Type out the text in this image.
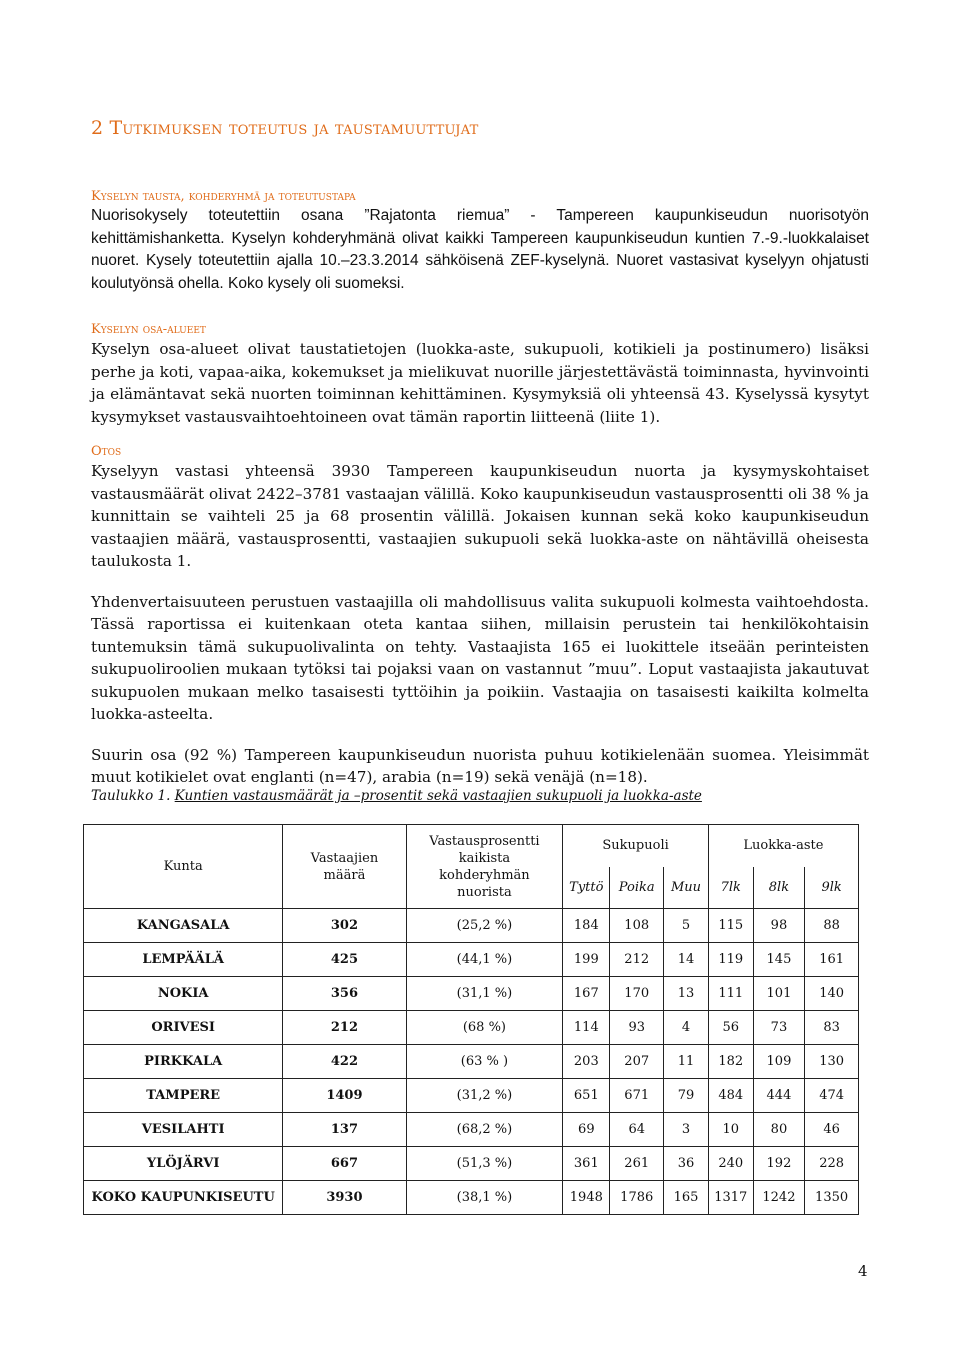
2 Tutkimuksen toteutus ja taustamuuttujat
Kyselyn tausta, kohderyhmä ja toteutustapa

Nuorisokysely toteutettiin osana ”Rajatonta riemua” - Tampereen kaupunkiseudun nuorisotyön kehittämishanketta. Kyselyn kohderyhmänä olivat kaikki Tampereen kaupunkiseudun kuntien 7.-9.-luokkalaiset nuoret. Kysely toteutettiin ajalla 10.–23.3.2014 sähköisenä ZEF-kyselynä. Nuoret vastasivat kyselyyn ohjatusti koulutyönsä ohella. Koko kysely oli suomeksi.

Kyselyn osa-alueet

Kyselyn osa-alueet olivat taustatietojen (luokka-aste, sukupuoli, kotikieli ja postinumero) lisäksi perhe ja koti, vapaa-aika, kokemukset ja mielikuvat nuorille järjestettävästä toiminnasta, hyvinvointi ja elämäntavat sekä nuorten toiminnan kehittäminen. Kysymyksiä oli yhteensä 43. Kyselyssä kysytyt kysymykset vastausvaihtoehtoineen ovat tämän raportin liitteenä (liite 1).

Otos

Kyselyyn vastasi yhteensä 3930 Tampereen kaupunkiseudun nuorta ja kysymyskohtaiset vastausmäärät olivat 2422–3781 vastaajan välillä. Koko kaupunkiseudun vastausprosentti oli 38 % ja kunnittain se vaihteli 25 ja 68 prosentin välillä. Jokaisen kunnan sekä koko kaupunkiseudun vastaajien määrä, vastausprosentti, vastaajien sukupuoli sekä luokka-aste on nähtävillä oheisesta taulukosta 1.

Yhdenvertaisuuteen perustuen vastaajilla oli mahdollisuus valita sukupuoli kolmesta vaihtoehdosta. Tässä raportissa ei kuitenkaan oteta kantaa siihen, millaisin perustein tai henkilökohtaisin tuntemuksin tämä sukupuolivalinta on tehty. Vastaajista 165 ei luokittele itseään perinteisten sukupuoliroolien mukaan tytöksi tai pojaksi vaan on vastannut ”muu”. Loput vastaajista jakautuvat sukupuolen mukaan melko tasaisesti tyttöihin ja poikiin. Vastaajia on tasaisesti kaikilta kolmelta luokka-asteelta.

Suurin osa (92 %) Tampereen kaupunkiseudun nuorista puhuu kotikielenään suomea. Yleisimmät muut kotikielet ovat englanti (n=47), arabia (n=19) sekä venäjä (n=18).

Taulukko 1. Kuntien vastausmäärät ja –prosentit sekä vastaajien sukupuoli ja luokka-aste
Kunta	Vastaajien määrä	Vastausprosentti kaikista kohderyhmän nuorista	Sukupuoli			Luokka-aste		
			Tyttö	Poika	Muu	7lk	8lk	9lk
KANGASALA	302	(25,2 %)	184	108	5	115	98	88
LEMPÄÄLÄ	425	(44,1 %)	199	212	14	119	145	161
NOKIA	356	(31,1 %)	167	170	13	111	101	140
ORIVESI	212	(68 %)	114	93	4	56	73	83
PIRKKALA	422	(63 % )	203	207	11	182	109	130
TAMPERE	1409	(31,2 %)	651	671	79	484	444	474
VESILAHTI	137	(68,2 %)	69	64	3	10	80	46
YLÖJÄRVI	667	(51,3 %)	361	261	36	240	192	228
KOKO KAUPUNKISEUTU	3930	(38,1 %)	1948	1786	165	1317	1242	1350
4
